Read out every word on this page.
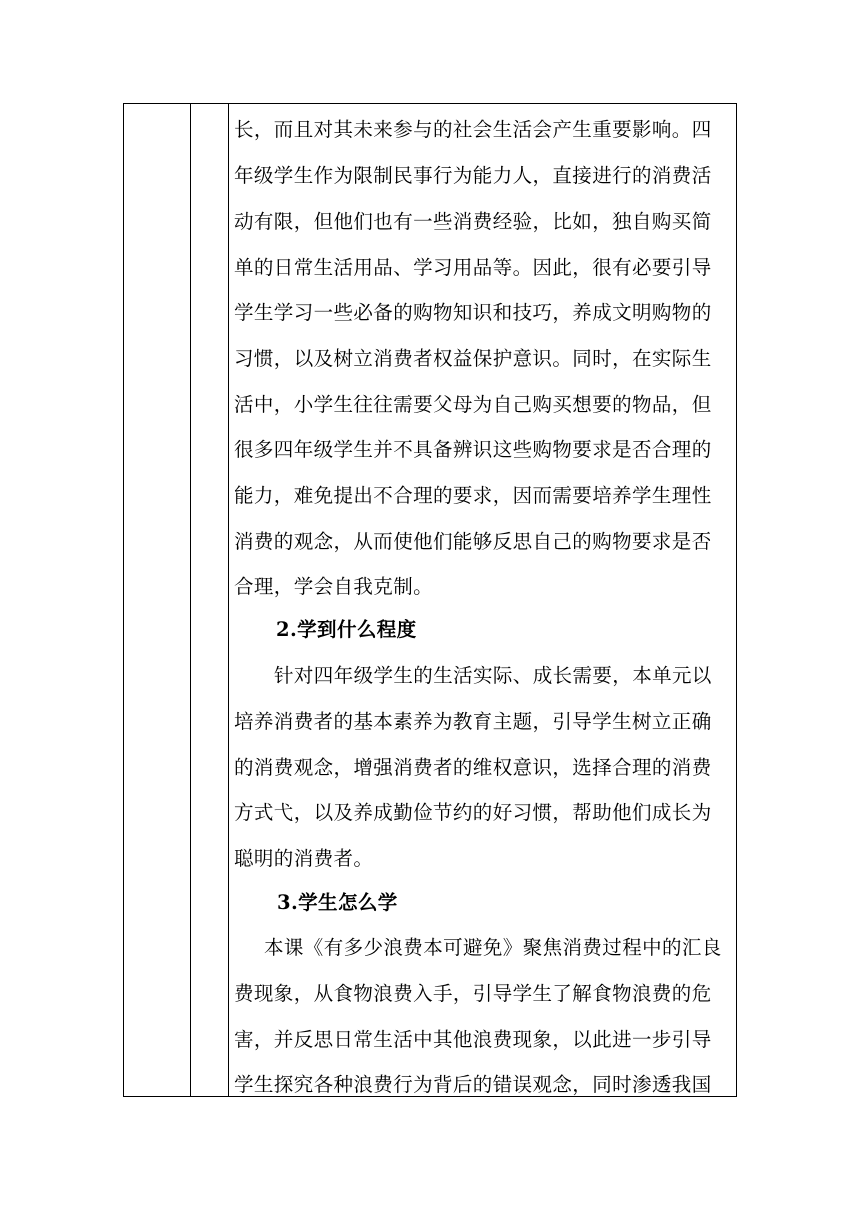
长，而且对其未来参与的社会生活会产生重要影响。四
年级学生作为限制民事行为能力人，直接进行的消费活
动有限，但他们也有一些消费经验，比如，独自购买简
单的日常生活用品、学习用品等。因此，很有必要引导
学生学习一些必备的购物知识和技巧，养成文明购物的
习惯，以及树立消费者权益保护意识。同时，在实际生
活中，小学生往往需要父母为自己购买想要的物品，但
很多四年级学生并不具备辨识这些购物要求是否合理的
能力，难免提出不合理的要求，因而需要培养学生理性
消费的观念，从而使他们能够反思自己的购物要求是否
合理，学会自我克制。
2.学到什么程度
针对四年级学生的生活实际、成长需要，本单元以
培养消费者的基本素养为教育主题，引导学生树立正确
的消费观念，增强消费者的维权意识，选择合理的消费
方式弋，以及养成勤俭节约的好习惯，帮助他们成长为
聪明的消费者。
3.学生怎么学
本课《有多少浪费本可避免》聚焦消费过程中的汇良
费现象，从食物浪费入手，引导学生了解食物浪费的危
害，并反思日常生活中其他浪费现象，以此进一步引导
学生探究各种浪费行为背后的错误观念，同时渗透我国
